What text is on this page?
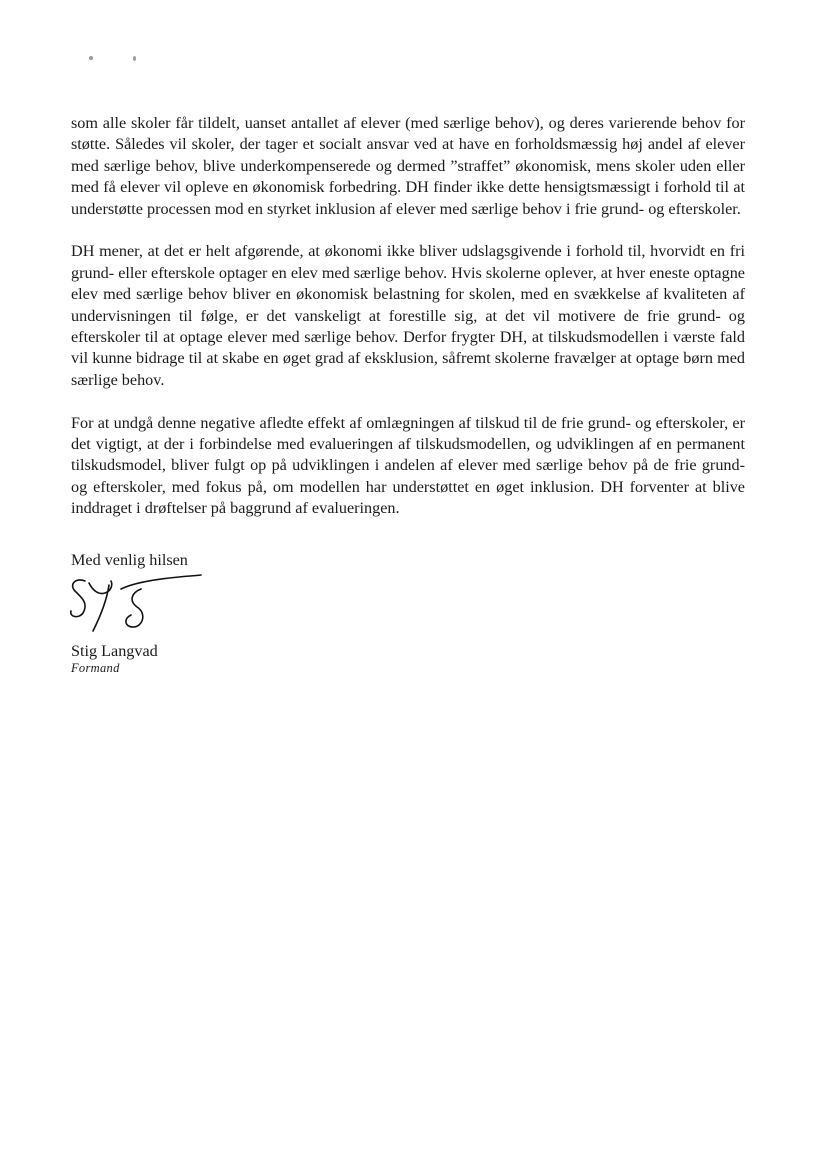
som alle skoler får tildelt, uanset antallet af elever (med særlige behov), og deres varierende behov for støtte. Således vil skoler, der tager et socialt ansvar ved at have en forholdsmæssig høj andel af elever med særlige behov, blive underkompenserede og dermed ”straffet” økonomisk, mens skoler uden eller med få elever vil opleve en økonomisk forbedring. DH finder ikke dette hensigtsmæssigt i forhold til at understøtte processen mod en styrket inklusion af elever med særlige behov i frie grund- og efterskoler.

DH mener, at det er helt afgørende, at økonomi ikke bliver udslagsgivende i forhold til, hvorvidt en fri grund- eller efterskole optager en elev med særlige behov. Hvis skolerne oplever, at hver eneste optagne elev med særlige behov bliver en økonomisk belastning for skolen, med en svækkelse af kvaliteten af undervisningen til følge, er det vanskeligt at forestille sig, at det vil motivere de frie grund- og efterskoler til at optage elever med særlige behov. Derfor frygter DH, at tilskudsmodellen i værste fald vil kunne bidrage til at skabe en øget grad af eksklusion, såfremt skolerne fravælger at optage børn med særlige behov.

For at undgå denne negative afledte effekt af omlægningen af tilskud til de frie grund- og efterskoler, er det vigtigt, at der i forbindelse med evalueringen af tilskudsmodellen, og udviklingen af en permanent tilskudsmodel, bliver fulgt op på udviklingen i andelen af elever med særlige behov på de frie grund- og efterskoler, med fokus på, om modellen har understøttet en øget inklusion. DH forventer at blive inddraget i drøftelser på baggrund af evalueringen.

Med venlig hilsen

Stig Langvad

Formand
